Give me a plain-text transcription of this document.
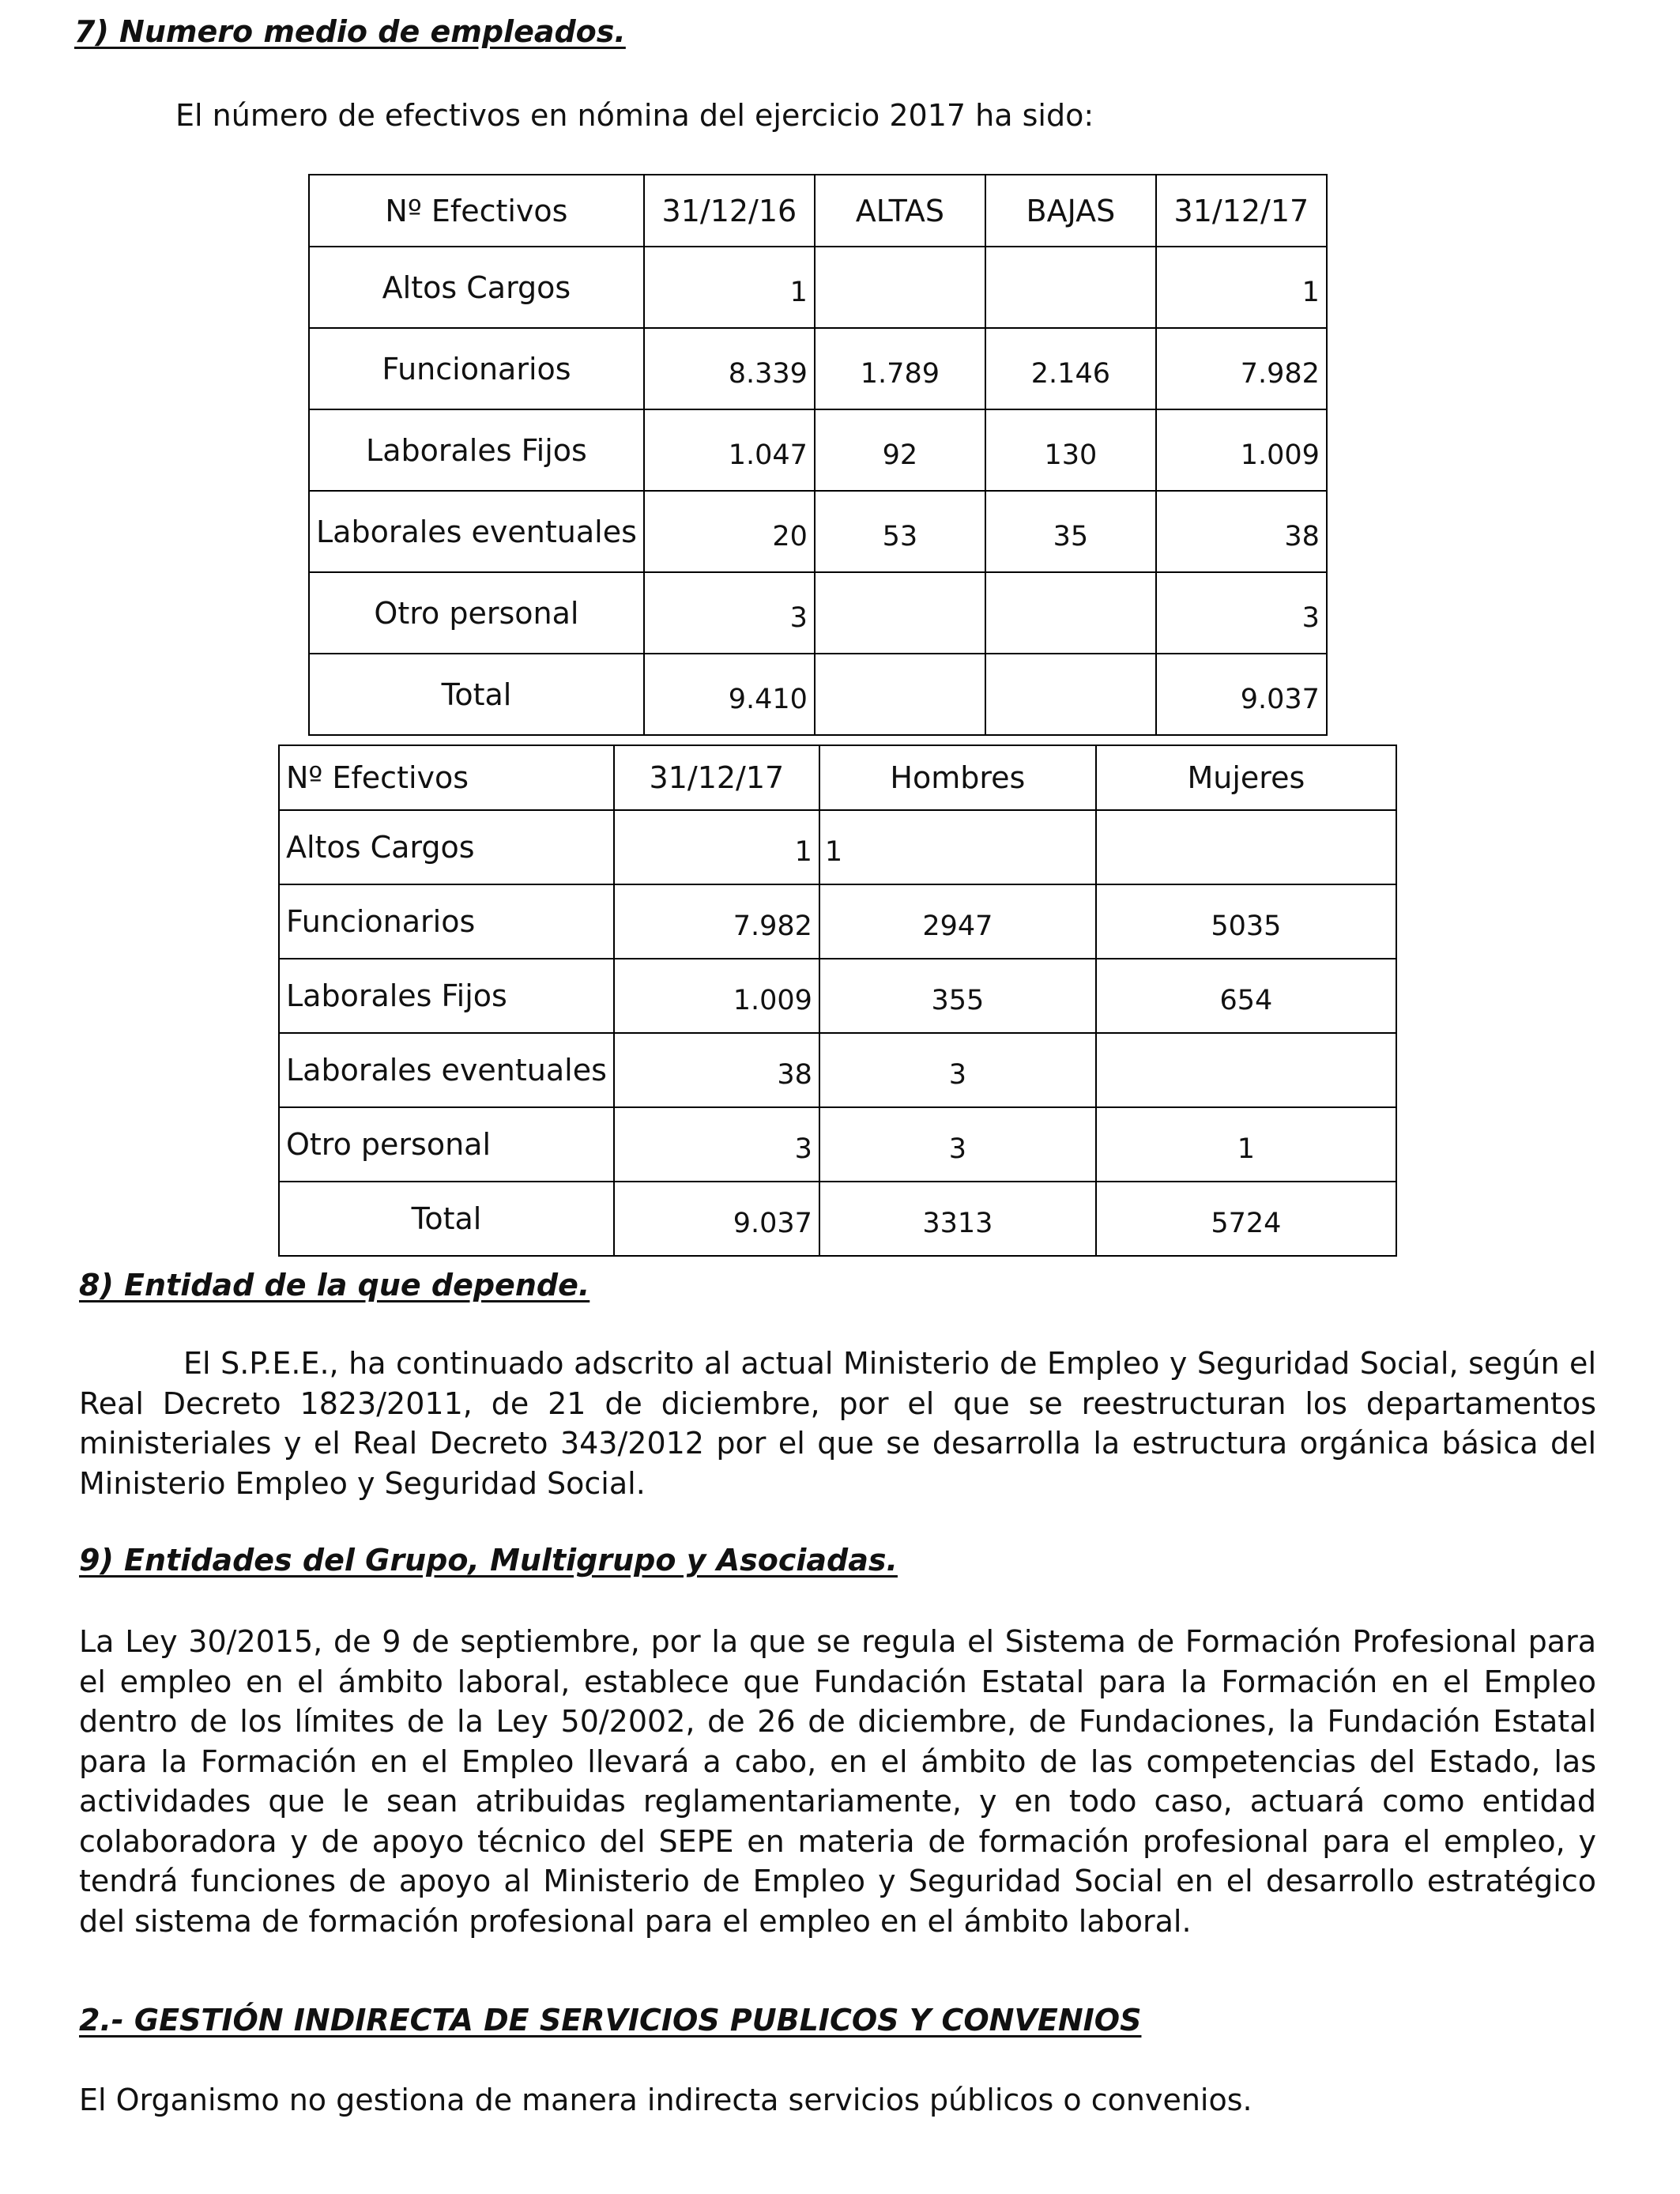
7) Numero medio de empleados.

El número de efectivos en nómina del ejercicio 2017 ha sido:

Nº Efectivos	31/12/16	ALTAS	BAJAS	31/12/17
Altos Cargos	1			1
Funcionarios	8.339	1.789	2.146	7.982
Laborales Fijos	1.047	92	130	1.009
Laborales eventuales	20	53	35	38
Otro personal	3			3
Total	9.410			9.037
Nº Efectivos	31/12/17	Hombres	Mujeres
Altos Cargos	1	1	
Funcionarios	7.982	2947	5035
Laborales Fijos	1.009	355	654
Laborales eventuales	38	3	
Otro personal	3	3	1
Total	9.037	3313	5724
8) Entidad de la que depende.

El S.P.E.E., ha continuado adscrito al actual Ministerio de Empleo y Seguridad Social, según el Real Decreto 1823/2011, de 21 de diciembre, por el que se reestructuran los departamentos ministeriales y el Real Decreto 343/2012 por el que se desarrolla la estructura orgánica básica del Ministerio Empleo y Seguridad Social.

9) Entidades del Grupo, Multigrupo y Asociadas.

La Ley 30/2015, de 9 de septiembre, por la que se regula el Sistema de Formación Profesional para el empleo en el ámbito laboral, establece que Fundación Estatal para la Formación en el Empleo dentro de los límites de la Ley 50/2002, de 26 de diciembre, de Fundaciones, la Fundación Estatal para la Formación en el Empleo llevará a cabo, en el ámbito de las competencias del Estado, las actividades que le sean atribuidas reglamentariamente, y en todo caso, actuará como entidad colaboradora y de apoyo técnico del SEPE en materia de formación profesional para el empleo, y tendrá funciones de apoyo al Ministerio de Empleo y Seguridad Social en el desarrollo estratégico del sistema de formación profesional para el empleo en el ámbito laboral.

2.- GESTIÓN INDIRECTA DE SERVICIOS PUBLICOS Y CONVENIOS

El Organismo no gestiona de manera indirecta servicios públicos o convenios.
